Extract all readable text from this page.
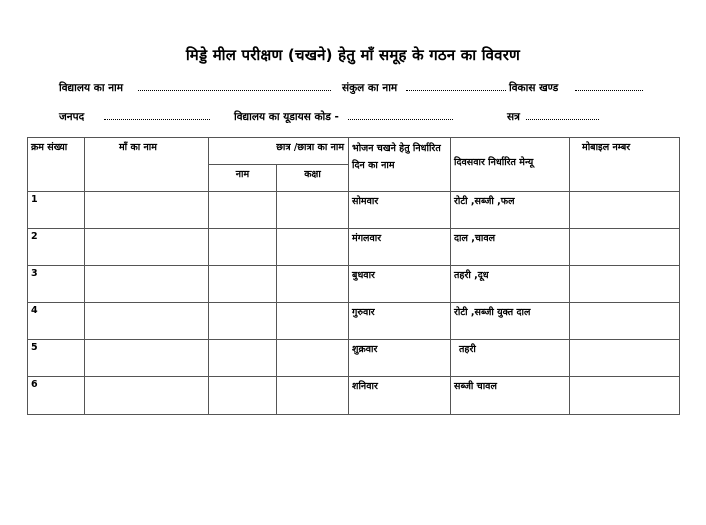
मिड्डे मील परीक्षण (चखने) हेतु माँ समूह के गठन का विवरण
विद्यालय का नाम	संकुल का नाम	विकास खण्ड
जनपद	विद्यालय का यूडायस कोड -	सत्र
क्रम संख्या	माँ का नाम	छात्र /छात्रा का नाम		भोजन चखने हेतु निर्धारित दिन का नाम	दिवसवार निर्धारित मेन्यू	मोबाइल नम्बर
		नाम	कक्षा			
1				सोमवार	रोटी ,सब्जी ,फल	
2				मंगलवार	दाल ,चावल	
3				बुधवार	तहरी ,दूध	
4				गुरुवार	रोटी ,सब्जी युक्त दाल	
5				शुक्रवार	तहरी	
6				शनिवार	सब्जी चावल	
